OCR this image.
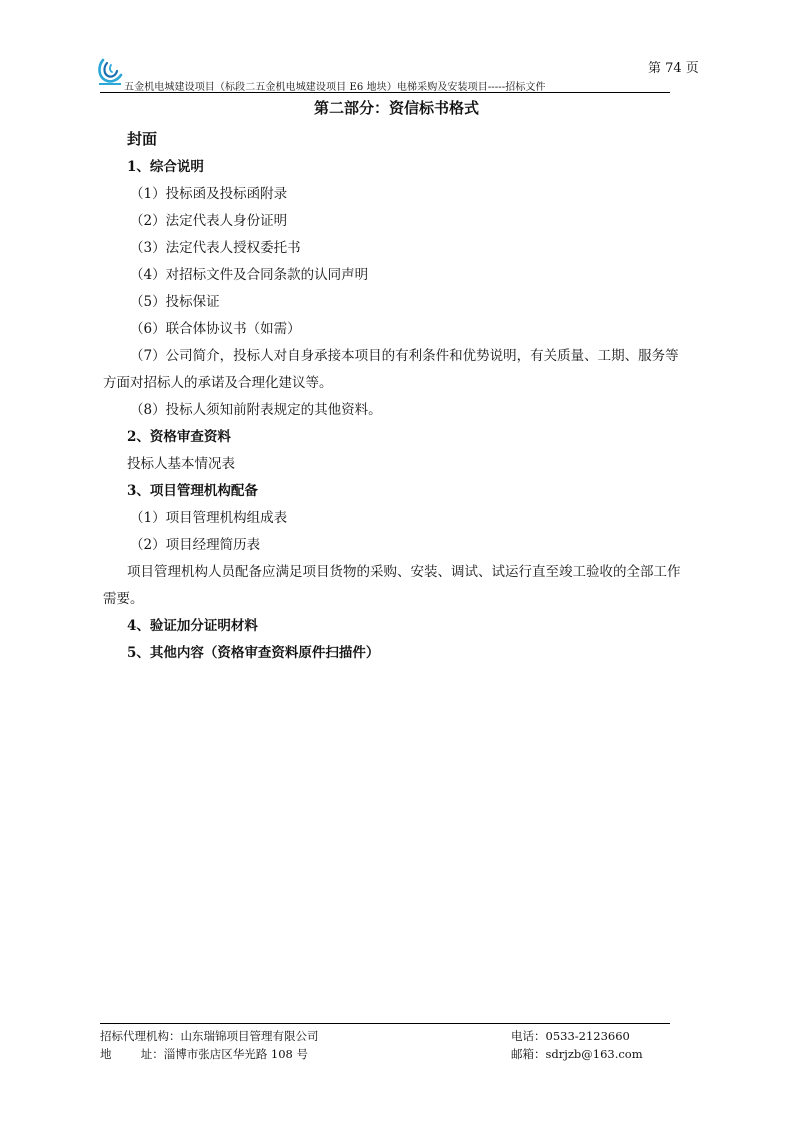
第 74 页
五金机电城建设项目（标段二五金机电城建设项目 E6 地块）电梯采购及安装项目-----招标文件
第二部分：资信标书格式
封面
1、综合说明
（1）投标函及投标函附录
（2）法定代表人身份证明
（3）法定代表人授权委托书
（4）对招标文件及合同条款的认同声明
（5）投标保证
（6）联合体协议书（如需）
（7）公司简介，投标人对自身承接本项目的有利条件和优势说明，有关质量、工期、服务等
方面对招标人的承诺及合理化建议等。
（8）投标人须知前附表规定的其他资料。
2、资格审查资料
投标人基本情况表
3、项目管理机构配备
（1）项目管理机构组成表
（2）项目经理简历表
项目管理机构人员配备应满足项目货物的采购、安装、调试、试运行直至竣工验收的全部工作
需要。
4、验证加分证明材料
5、其他内容（资格审查资料原件扫描件）
招标代理机构：山东瑞锦项目管理有限公司
地        址：淄博市张店区华光路 108 号
电话：0533-2123660
邮箱：sdrjzb@163.com
